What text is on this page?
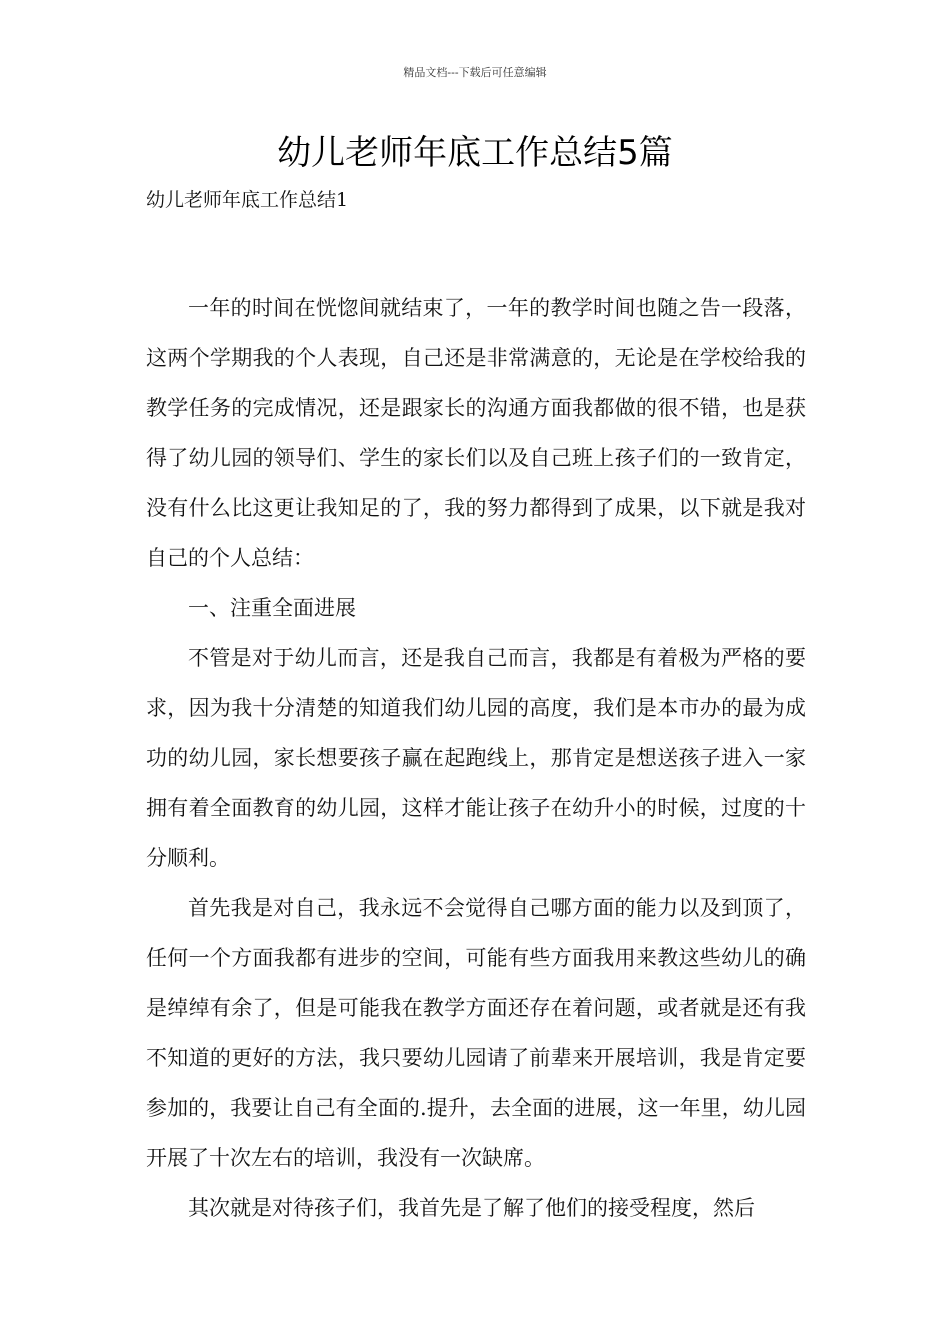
精品文档---下载后可任意编辑
幼儿老师年底工作总结5篇
幼儿老师年底工作总结1

一年的时间在恍惚间就结束了，一年的教学时间也随之告一段落，这两个学期我的个人表现，自己还是非常满意的，无论是在学校给我的教学任务的完成情况，还是跟家长的沟通方面我都做的很不错，也是获得了幼儿园的领导们、学生的家长们以及自己班上孩子们的一致肯定，没有什么比这更让我知足的了，我的努力都得到了成果，以下就是我对自己的个人总结：

一、注重全面进展

不管是对于幼儿而言，还是我自己而言，我都是有着极为严格的要求，因为我十分清楚的知道我们幼儿园的高度，我们是本市办的最为成功的幼儿园，家长想要孩子赢在起跑线上，那肯定是想送孩子进入一家拥有着全面教育的幼儿园，这样才能让孩子在幼升小的时候，过度的十分顺利。

首先我是对自己，我永远不会觉得自己哪方面的能力以及到顶了，任何一个方面我都有进步的空间，可能有些方面我用来教这些幼儿的确是绰绰有余了，但是可能我在教学方面还存在着问题，或者就是还有我不知道的更好的方法，我只要幼儿园请了前辈来开展培训，我是肯定要参加的，我要让自己有全面的.提升，去全面的进展，这一年里，幼儿园开展了十次左右的培训，我没有一次缺席。

其次就是对待孩子们，我首先是了解了他们的接受程度，然后
